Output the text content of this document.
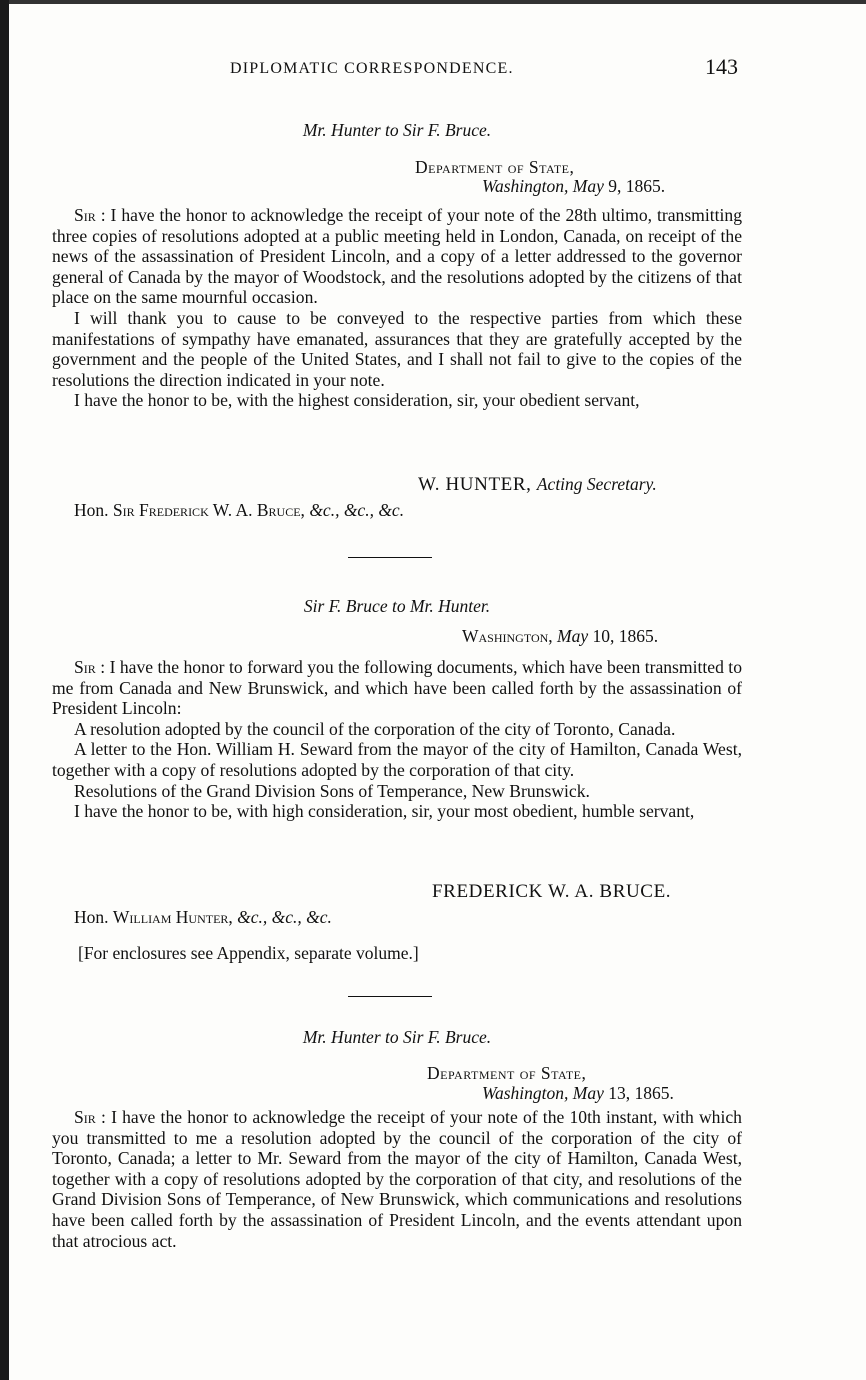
DIPLOMATIC CORRESPONDENCE.	143
Mr. Hunter to Sir F. Bruce.
Department of State,
Washington, May 9, 1865.

Sir : I have the honor to acknowledge the receipt of your note of the 28th ultimo, transmitting three copies of resolutions adopted at a public meeting held in London, Canada, on receipt of the news of the assassination of President Lincoln, and a copy of a letter addressed to the governor general of Canada by the mayor of Woodstock, and the resolutions adopted by the citizens of that place on the same mournful occasion.

I will thank you to cause to be conveyed to the respective parties from which these manifestations of sympathy have emanated, assurances that they are gratefully accepted by the government and the people of the United States, and I shall not fail to give to the copies of the resolutions the direction indicated in your note.

I have the honor to be, with the highest consideration, sir, your obedient servant,

W. HUNTER, Acting Secretary.
Hon. Sir Frederick W. A. Bruce, &c., &c., &c.
Sir F. Bruce to Mr. Hunter.
Washington, May 10, 1865.

Sir : I have the honor to forward you the following documents, which have been transmitted to me from Canada and New Brunswick, and which have been called forth by the assassination of President Lincoln:

A resolution adopted by the council of the corporation of the city of Toronto, Canada.

A letter to the Hon. William H. Seward from the mayor of the city of Hamilton, Canada West, together with a copy of resolutions adopted by the corporation of that city.

Resolutions of the Grand Division Sons of Temperance, New Brunswick.

I have the honor to be, with high consideration, sir, your most obedient, humble servant,

FREDERICK W. A. BRUCE.
Hon. William Hunter, &c., &c., &c.
[For enclosures see Appendix, separate volume.]
Mr. Hunter to Sir F. Bruce.
Department of State,
Washington, May 13, 1865.

Sir : I have the honor to acknowledge the receipt of your note of the 10th instant, with which you transmitted to me a resolution adopted by the council of the corporation of the city of Toronto, Canada; a letter to Mr. Seward from the mayor of the city of Hamilton, Canada West, together with a copy of resolutions adopted by the corporation of that city, and resolutions of the Grand Division Sons of Temperance, of New Brunswick, which communications and resolutions have been called forth by the assassination of President Lincoln, and the events attendant upon that atrocious act.
